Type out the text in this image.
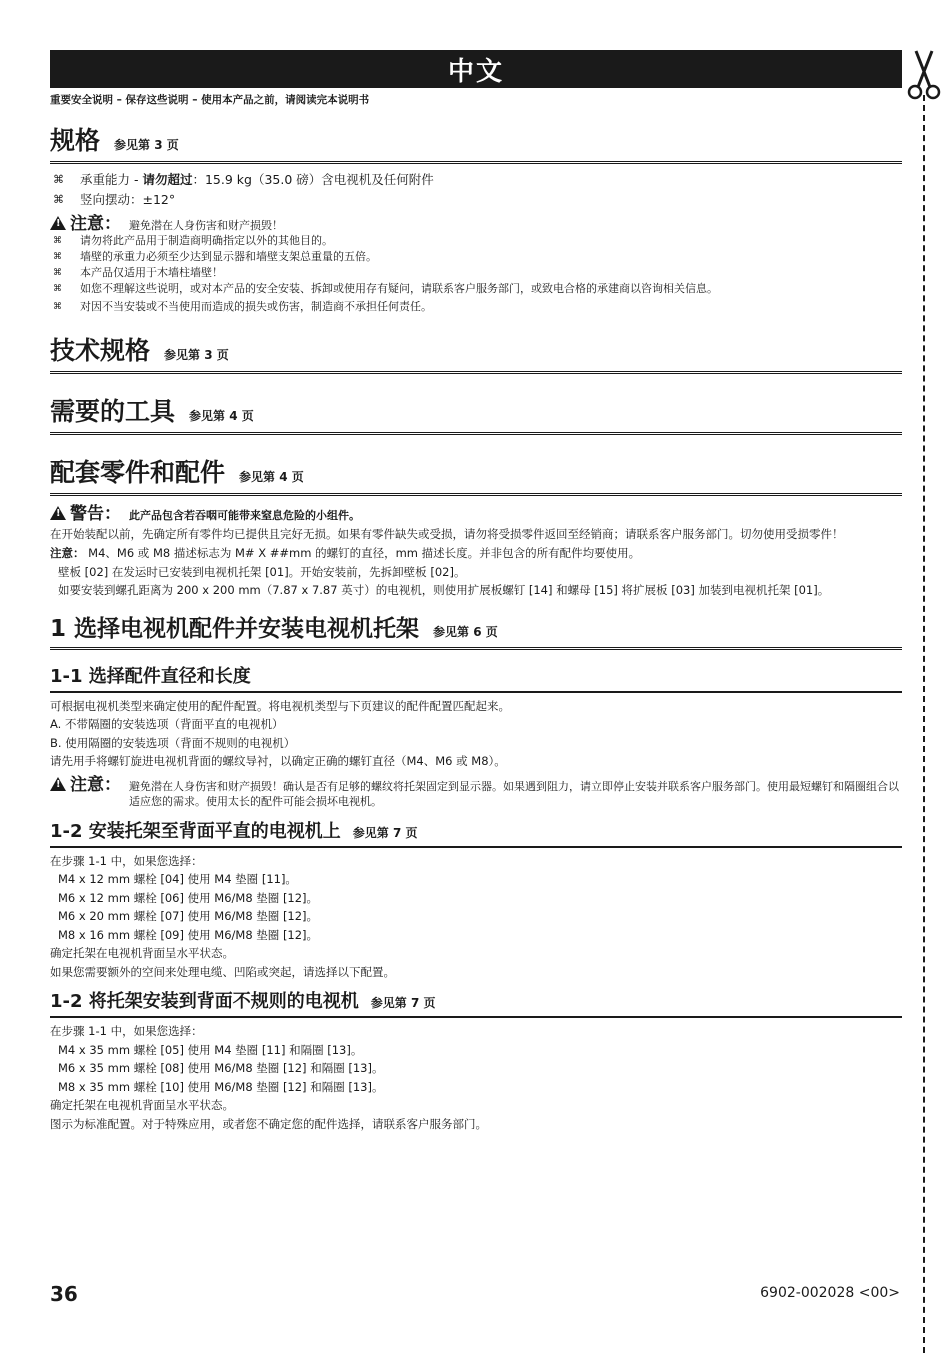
中文
重要安全说明 – 保存这些说明 – 使用本产品之前，请阅读完本说明书
规格 参见第 3 页
⌘ 承重能力 - 请勿超过：15.9 kg（35.0 磅）含电视机及任何附件
⌘ 竖向摆动：±12°
!注意： 避免潜在人身伤害和财产损毁！
⌘ 请勿将此产品用于制造商明确指定以外的其他目的。
⌘ 墙壁的承重力必须至少达到显示器和墙壁支架总重量的五倍。
⌘ 本产品仅适用于木墙柱墙壁！
⌘ 如您不理解这些说明，或对本产品的安全安装、拆卸或使用存有疑问，请联系客户服务部门，或致电合格的承建商以咨询相关信息。
⌘ 对因不当安装或不当使用而造成的损失或伤害，制造商不承担任何责任。
技术规格 参见第 3 页
需要的工具 参见第 4 页
配套零件和配件 参见第 4 页
!警告： 此产品包含若吞咽可能带来窒息危险的小组件。
在开始装配以前，先确定所有零件均已提供且完好无损。如果有零件缺失或受损，请勿将受损零件返回至经销商；请联系客户服务部门。切勿使用受损零件！
注意： M4、M6 或 M8 描述标志为 M# X ##mm 的螺钉的直径，mm 描述长度。并非包含的所有配件均要使用。
壁板 [02] 在发运时已安装到电视机托架 [01]。开始安装前，先拆卸壁板 [02]。
如要安装到螺孔距离为 200 x 200 mm（7.87 x 7.87 英寸）的电视机，则使用扩展板螺钉 [14] 和螺母 [15] 将扩展板 [03] 加装到电视机托架 [01]。
1 选择电视机配件并安装电视机托架 参见第 6 页
1-1 选择配件直径和长度
可根据电视机类型来确定使用的配件配置。将电视机类型与下页建议的配件配置匹配起来。
A. 不带隔圈的安装选项（背面平直的电视机）
B. 使用隔圈的安装选项（背面不规则的电视机）
请先用手将螺钉旋进电视机背面的螺纹导衬，以确定正确的螺钉直径（M4、M6 或 M8）。
!注意： 避免潜在人身伤害和财产损毁！确认是否有足够的螺纹将托架固定到显示器。如果遇到阻力，请立即停止安装并联系客户服务部门。使用最短螺钉和隔圈组合以适应您的需求。使用太长的配件可能会损坏电视机。
1-2 安装托架至背面平直的电视机上 参见第 7 页
在步骤 1-1 中，如果您选择：
M4 x 12 mm 螺栓 [04] 使用 M4 垫圈 [11]。
M6 x 12 mm 螺栓 [06] 使用 M6/M8 垫圈 [12]。
M6 x 20 mm 螺栓 [07] 使用 M6/M8 垫圈 [12]。
M8 x 16 mm 螺栓 [09] 使用 M6/M8 垫圈 [12]。
确定托架在电视机背面呈水平状态。
如果您需要额外的空间来处理电缆、凹陷或突起，请选择以下配置。
1-2 将托架安装到背面不规则的电视机 参见第 7 页
在步骤 1-1 中，如果您选择：
M4 x 35 mm 螺栓 [05] 使用 M4 垫圈 [11] 和隔圈 [13]。
M6 x 35 mm 螺栓 [08] 使用 M6/M8 垫圈 [12] 和隔圈 [13]。
M8 x 35 mm 螺栓 [10] 使用 M6/M8 垫圈 [12] 和隔圈 [13]。
确定托架在电视机背面呈水平状态。
图示为标准配置。对于特殊应用，或者您不确定您的配件选择，请联系客户服务部门。
36	6902-002028 <00>
